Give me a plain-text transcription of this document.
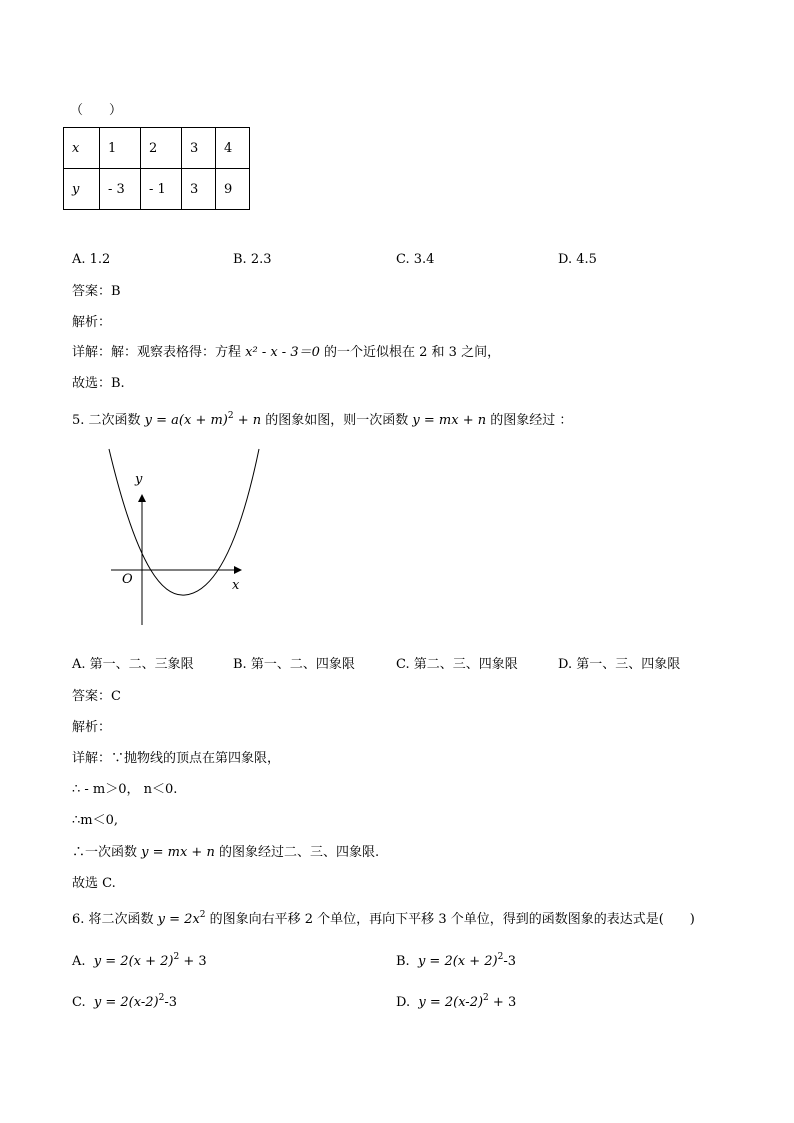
（　　）
x	1	2	3	4
y	- 3	- 1	3	9
A. 1.2	B. 2.3	C. 3.4	D. 4.5
答案：B
解析：
详解：解：观察表格得：方程 x² - x - 3＝0 的一个近似根在 2 和 3 之间，
故选：B.
5. 二次函数 $y = a(x + m)^2 + n$ 的图象如图，则一次函数 y = mx + n 的图象经过 ：
y
x
O
A. 第一、二、三象限	B. 第一、二、四象限	C. 第二、三、四象限	D. 第一、三、四象限
答案：C
解析：
详解：∵抛物线的顶点在第四象限，
∴ - m＞0， n＜0.
∴m＜0,
∴一次函数 y = mx + n 的图象经过二、三、四象限.
故选 C.
6. 将二次函数 $y = 2x^2$ 的图象向右平移 2 个单位，再向下平移 3 个单位，得到的函数图象的表达式是(　　)
A. $y = 2(x + 2)^2 + 3$	B. $y = 2(x + 2)^2-3$
C. $y = 2(x-2)^2-3$	D. $y = 2(x-2)^2 + 3$
